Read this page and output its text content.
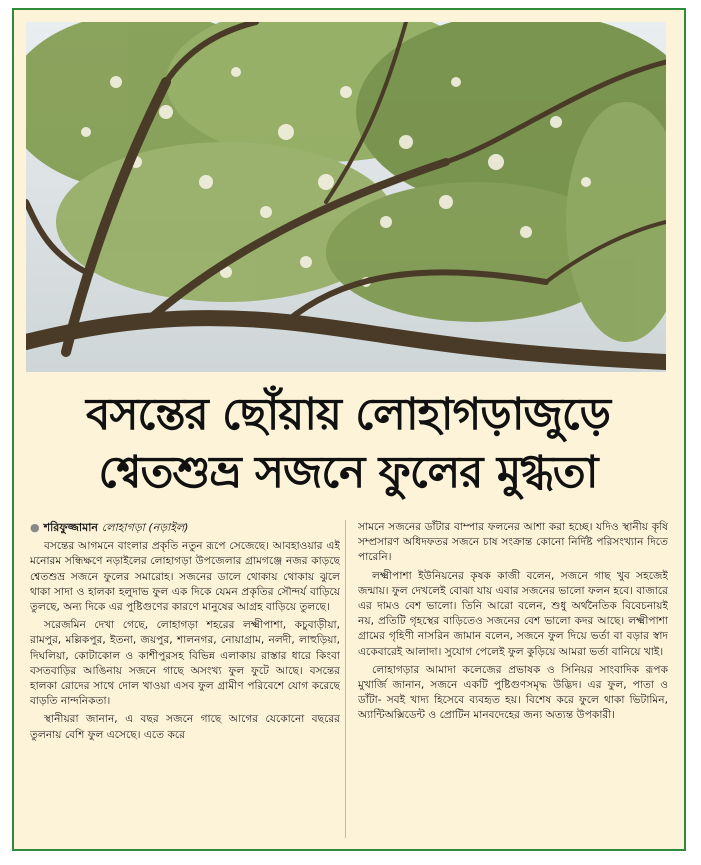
বসন্তের ছোঁয়ায় লোহাগড়াজুড়ে
শ্বেতশুভ্র সজনে ফুলের মুগ্ধতা
● শরিফুজ্জামান লোহাগড়া (নড়াইল)

বসন্তের আগমনে বাংলার প্রকৃতি নতুন রূপে সেজেছে। আবহাওয়ার এই মনোরম সন্ধিক্ষণে নড়াইলের লোহাগড়া উপজেলার গ্রামগঞ্জে নজর কাড়ছে শ্বেতশুভ্র সজনে ফুলের সমারোহ। সজনের ডালে থোকায় থোকায় ঝুলে থাকা সাদা ও হালকা হলুদাভ ফুল এক দিকে যেমন প্রকৃতির সৌন্দর্য বাড়িয়ে তুলছে, অন্য দিকে এর পুষ্টিগুণের কারণে মানুষের আগ্রহ বাড়িয়ে তুলছে।

সরেজমিন দেখা গেছে, লোহাগড়া শহরের লক্ষ্মীপাশা, কচুবাড়ীয়া, রামপুর, মল্লিকপুর, ইতনা, জয়পুর, শালনগর, নোয়াগ্রাম, নলদী, লাহুড়িয়া, দিঘলিয়া, কোটাকোল ও কাশীপুরসহ বিভিন্ন এলাকায় রাস্তার ধারে কিংবা বসতবাড়ির আঙিনায় সজনে গাছে অসংখ্য ফুল ফুটে আছে। বসন্তের হালকা রোদের সাথে দোল খাওয়া এসব ফুল গ্রামীণ পরিবেশে যোগ করেছে বাড়তি নান্দনিকতা।

স্থানীয়রা জানান, এ বছর সজনে গাছে আগের যেকোনো বছরের তুলনায় বেশি ফুল এসেছে। এতে করে

সামনে সজনের ডাঁটার বাম্পার ফলনের আশা করা হচ্ছে। যদিও স্থানীয় কৃষি সম্প্রসারণ অধিদফতর সজনে চাষ সংক্রান্ত কোনো নির্দিষ্ট পরিসংখ্যান দিতে পারেনি।

লক্ষ্মীপাশা ইউনিয়নের কৃষক কাজী বলেন, সজনে গাছ খুব সহজেই জন্মায়। ফুল দেখলেই বোঝা যায় এবার সজনের ভালো ফলন হবে। বাজারে এর দামও বেশ ভালো। তিনি আরো বলেন, শুধু অর্থনৈতিক বিবেচনায়ই নয়, প্রতিটি গৃহস্থের বাড়িতেও সজনের বেশ ভালো কদর আছে। লক্ষ্মীপাশা গ্রামের গৃহিণী নাসরিন জামান বলেন, সজনে ফুল দিয়ে ভর্তা বা বড়ার স্বাদ একেবারেই আলাদা। সুযোগ পেলেই ফুল কুড়িয়ে আমরা ভর্তা বানিয়ে খাই।

লোহাগড়ার আমাদা কলেজের প্রভাষক ও সিনিয়র সাংবাদিক রূপক মুখার্জি জানান, সজনে একটি পুষ্টিগুণসমৃদ্ধ উদ্ভিদ। এর ফুল, পাতা ও ডাঁটা- সবই খাদ্য হিসেবে ব্যবহৃত হয়। বিশেষ করে ফুলে থাকা ভিটামিন, অ্যান্টিঅক্সিডেন্ট ও প্রোটিন মানবদেহের জন্য অত্যন্ত উপকারী।
